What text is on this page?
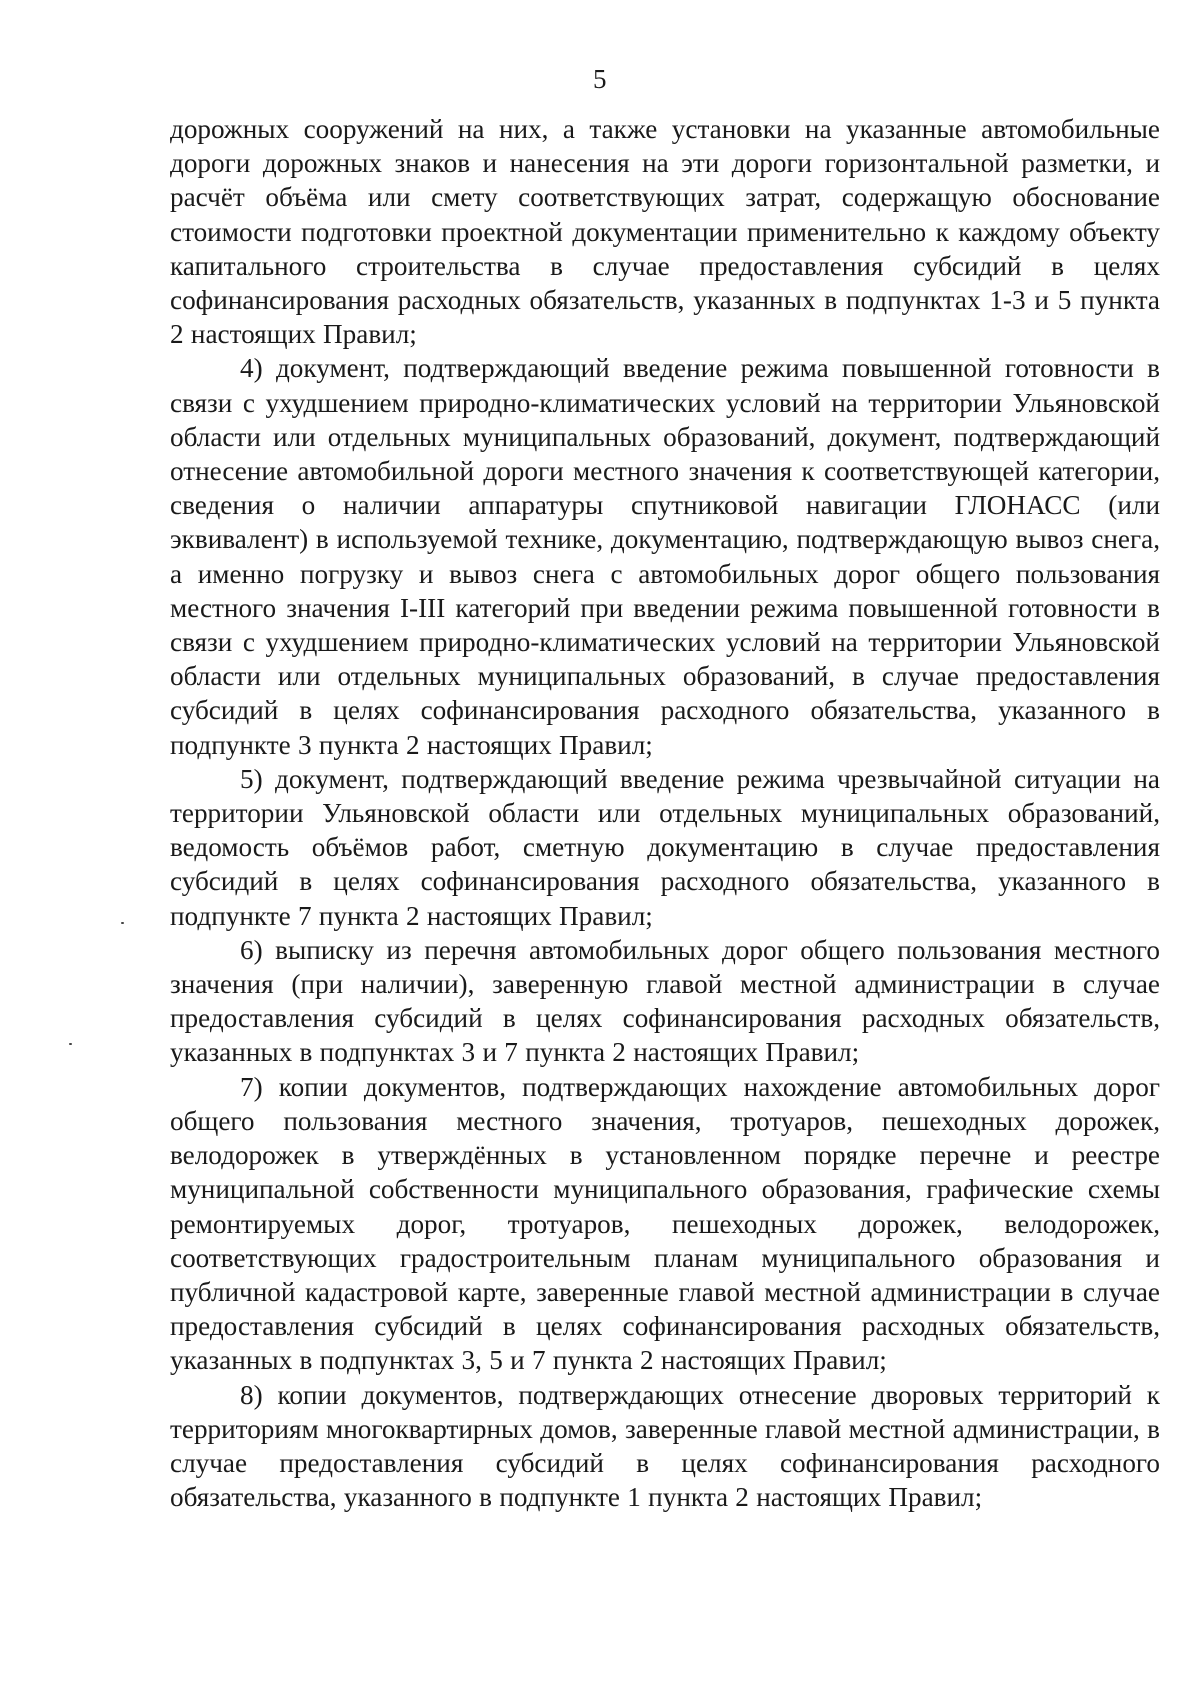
5

дорожных сооружений на них, а также установки на указанные автомобильные дороги дорожных знаков и нанесения на эти дороги горизонтальной разметки, и расчёт объёма или смету соответствующих затрат, содержащую обоснование стоимости подготовки проектной документации применительно к каждому объекту капитального строительства в случае предоставления субсидий в целях софинансирования расходных обязательств, указанных в подпунктах 1-3 и 5 пункта 2 настоящих Правил;

4) документ, подтверждающий введение режима повышенной готовности в связи с ухудшением природно-климатических условий на территории Ульяновской области или отдельных муниципальных образований, документ, подтверждающий отнесение автомобильной дороги местного значения к соответствующей категории, сведения о наличии аппаратуры спутниковой навигации ГЛОНАСС (или эквивалент) в используемой технике, документацию, подтверждающую вывоз снега, а именно погрузку и вывоз снега с автомобильных дорог общего пользования местного значения I-III категорий при введении режима повышенной готовности в связи с ухудшением природно-климатических условий на территории Ульяновской области или отдельных муниципальных образований, в случае предоставления субсидий в целях софинансирования расходного обязательства, указанного в подпункте 3 пункта 2 настоящих Правил;

5) документ, подтверждающий введение режима чрезвычайной ситуации на территории Ульяновской области или отдельных муниципальных образований, ведомость объёмов работ, сметную документацию в случае предоставления субсидий в целях софинансирования расходного обязательства, указанного в подпункте 7 пункта 2 настоящих Правил;

6) выписку из перечня автомобильных дорог общего пользования местного значения (при наличии), заверенную главой местной администрации в случае предоставления субсидий в целях софинансирования расходных обязательств, указанных в подпунктах 3 и 7 пункта 2 настоящих Правил;

7) копии документов, подтверждающих нахождение автомобильных дорог общего пользования местного значения, тротуаров, пешеходных дорожек, велодорожек в утверждённых в установленном порядке перечне и реестре муниципальной собственности муниципального образования, графические схемы ремонтируемых дорог, тротуаров, пешеходных дорожек, велодорожек, соответствующих градостроительным планам муниципального образования и публичной кадастровой карте, заверенные главой местной администрации в случае предоставления субсидий в целях софинансирования расходных обязательств, указанных в подпунктах 3, 5 и 7 пункта 2 настоящих Правил;

8) копии документов, подтверждающих отнесение дворовых территорий к территориям многоквартирных домов, заверенные главой местной администрации, в случае предоставления субсидий в целях софинансирования расходного обязательства, указанного в подпункте 1 пункта 2 настоящих Правил;
